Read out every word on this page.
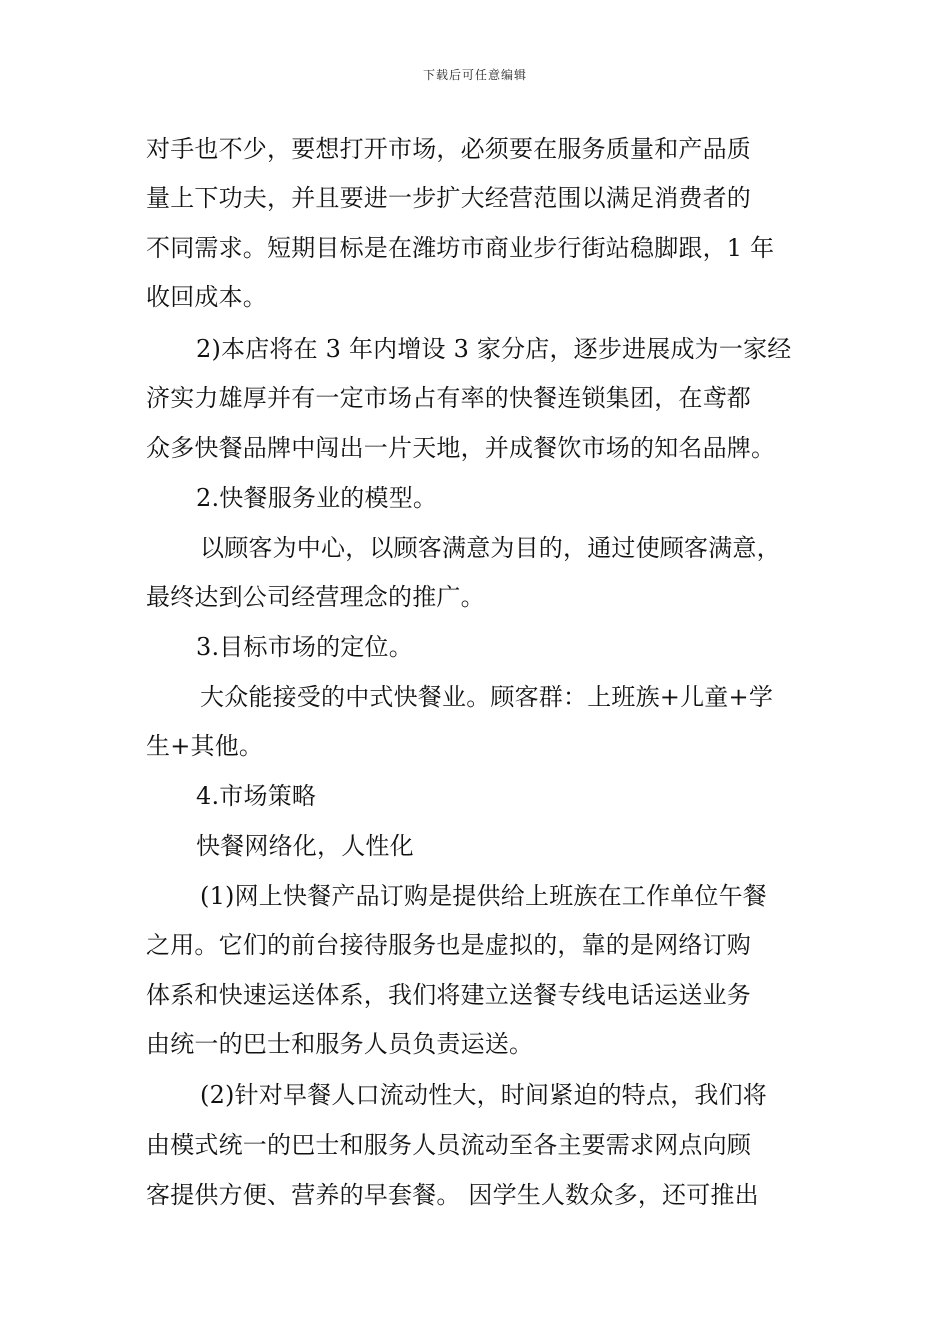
下载后可任意编辑
对手也不少，要想打开市场，必须要在服务质量和产品质
量上下功夫，并且要进一步扩大经营范围以满足消费者的
不同需求。短期目标是在潍坊市商业步行街站稳脚跟，1 年
收回成本。
2)本店将在 3 年内增设 3 家分店，逐步进展成为一家经
济实力雄厚并有一定市场占有率的快餐连锁集团，在鸢都
众多快餐品牌中闯出一片天地，并成餐饮市场的知名品牌。
2.快餐服务业的模型。
以顾客为中心，以顾客满意为目的，通过使顾客满意，
最终达到公司经营理念的推广。
3.目标市场的定位。
大众能接受的中式快餐业。顾客群：上班族+儿童+学
生+其他。
4.市场策略
快餐网络化，人性化
(1)网上快餐产品订购是提供给上班族在工作单位午餐
之用。它们的前台接待服务也是虚拟的，靠的是网络订购
体系和快速运送体系，我们将建立送餐专线电话运送业务
由统一的巴士和服务人员负责运送。
(2)针对早餐人口流动性大，时间紧迫的特点，我们将
由模式统一的巴士和服务人员流动至各主要需求网点向顾
客提供方便、营养的早套餐。 因学生人数众多，还可推出
